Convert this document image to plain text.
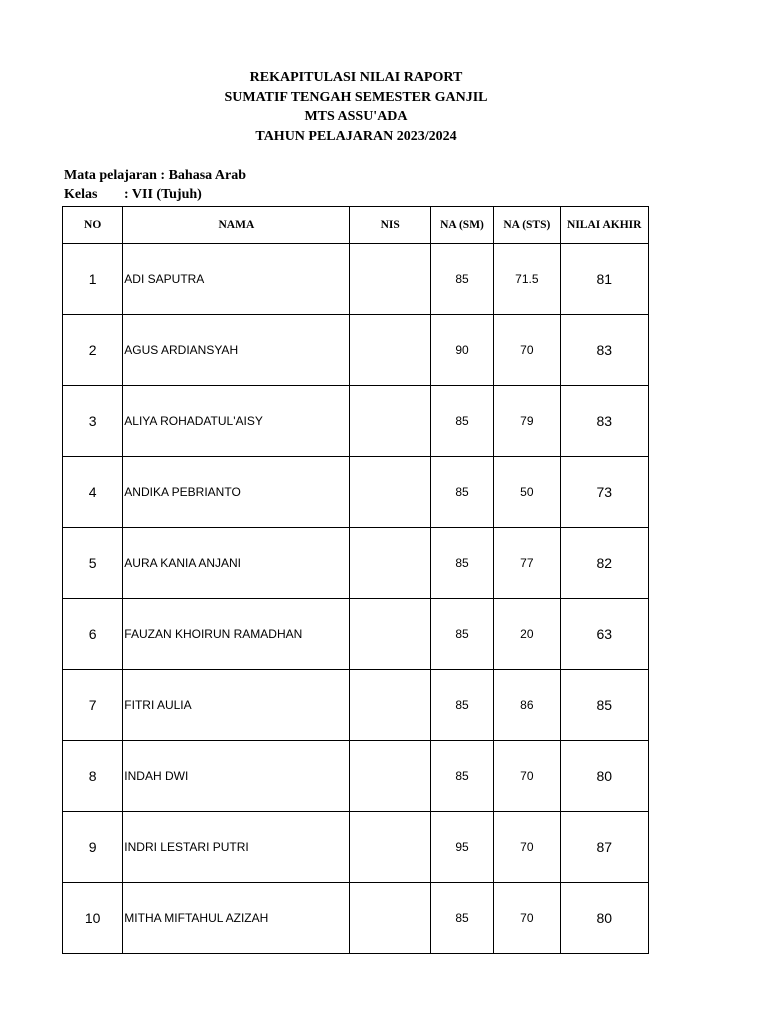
REKAPITULASI NILAI RAPORT
SUMATIF TENGAH SEMESTER GANJIL
MTS ASSU'ADA
TAHUN PELAJARAN 2023/2024
Mata pelajaran : Bahasa Arab
Kelas : VII (Tujuh)
NO	NAMA	NIS	NA (SM)	NA (STS)	NILAI AKHIR
1	ADI SAPUTRA		85	71.5	81
2	AGUS ARDIANSYAH		90	70	83
3	ALIYA ROHADATUL'AISY		85	79	83
4	ANDIKA PEBRIANTO		85	50	73
5	AURA KANIA ANJANI		85	77	82
6	FAUZAN KHOIRUN RAMADHAN		85	20	63
7	FITRI AULIA		85	86	85
8	INDAH DWI		85	70	80
9	INDRI LESTARI PUTRI		95	70	87
10	MITHA MIFTAHUL AZIZAH		85	70	80
